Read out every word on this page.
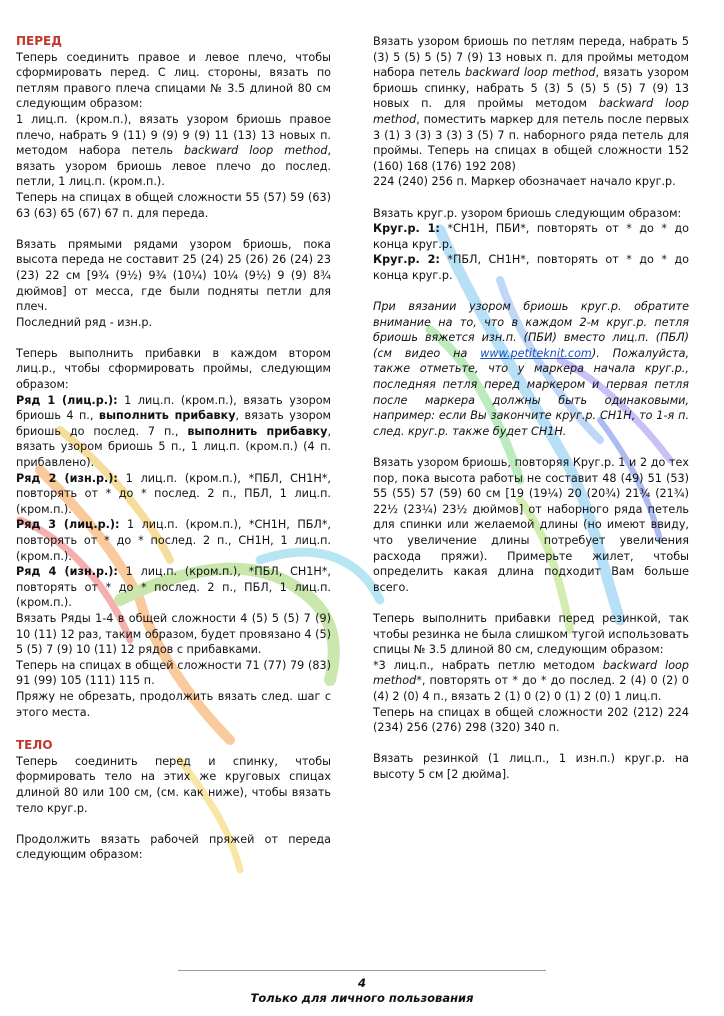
ПЕРЕД

Теперь соединить правое и левое плечо, чтобы сформировать перед. С лиц. стороны, вязать по петлям правого плеча спицами № 3.5 длиной 80 см следующим образом:

1 лиц.п. (кром.п.), вязать узором бриошь правое плечо, набрать 9 (11) 9 (9) 9 (9) 11 (13) 13 новых п. методом набора петель backward loop method, вязать узором бриошь левое плечо до послед. петли, 1 лиц.п. (кром.п.).

Теперь на спицах в общей сложности 55 (57) 59 (63) 63 (63) 65 (67) 67 п. для переда.

Вязать прямыми рядами узором бриошь, пока высота переда не составит 25 (24) 25 (26) 26 (24) 23 (23) 22 см [9¾ (9½) 9¾ (10¼) 10¼ (9½) 9 (9) 8¾ дюймов] от месса, где были подняты петли для плеч.

Последний ряд - изн.р.

Теперь выполнить прибавки в каждом втором лиц.р., чтобы сформировать проймы, следующим образом:

Ряд 1 (лиц.р.): 1 лиц.п. (кром.п.), вязать узором бриошь 4 п., выполнить прибавку, вязать узором бриошь до послед. 7 п., выполнить прибавку, вязать узором бриошь 5 п., 1 лиц.п. (кром.п.) (4 п. прибавлено).

Ряд 2 (изн.р.): 1 лиц.п. (кром.п.), *ПБЛ, СН1Н*, повторять от * до * послед. 2 п., ПБЛ, 1 лиц.п. (кром.п.).

Ряд 3 (лиц.р.): 1 лиц.п. (кром.п.), *СН1Н, ПБЛ*, повторять от * до * послед. 2 п., СН1Н, 1 лиц.п. (кром.п.).

Ряд 4 (изн.р.): 1 лиц.п. (кром.п.), *ПБЛ, СН1Н*, повторять от * до * послед. 2 п., ПБЛ, 1 лиц.п. (кром.п.).

Вязать Ряды 1-4 в общей сложности 4 (5) 5 (5) 7 (9) 10 (11) 12 раз, таким образом, будет провязано 4 (5) 5 (5) 7 (9) 10 (11) 12 рядов с прибавками.

Теперь на спицах в общей сложности 71 (77) 79 (83) 91 (99) 105 (111) 115 п.

Пряжу не обрезать, продолжить вязать след. шаг с этого места.

ТЕЛО

Теперь соединить перед и спинку, чтобы формировать тело на этих же круговых спицах длиной 80 или 100 см, (см. как ниже), чтобы вязать тело круг.р.

Продолжить вязать рабочей пряжей от переда следующим образом:

Вязать узором бриошь по петлям переда, набрать 5 (3) 5 (5) 5 (5) 7 (9) 13 новых п. для проймы методом набора петель backward loop method, вязать узором бриошь спинку, набрать 5 (3) 5 (5) 5 (5) 7 (9) 13 новых п. для проймы методом backward loop method, поместить маркер для петель после первых 3 (1) 3 (3) 3 (3) 3 (5) 7 п. наборного ряда петель для проймы. Теперь на спицах в общей сложности 152 (160) 168 (176) 192 208)

224 (240) 256 п. Маркер обозначает начало круг.р.

Вязать круг.р. узором бриошь следующим образом:

Круг.р. 1: *СН1Н, ПБИ*, повторять от * до * до конца круг.р.

Круг.р. 2: *ПБЛ, СН1Н*, повторять от * до * до конца круг.р.

При вязании узором бриошь круг.р. обратите внимание на то, что в каждом 2-м круг.р. петля бриошь вяжется изн.п. (ПБИ) вместо лиц.п. (ПБЛ) (см видео на www.petiteknit.com). Пожалуйста, также отметьте, что у маркера начала круг.р., последняя петля перед маркером и первая петля после маркера должны быть одинаковыми, например: если Вы закончите круг.р. СН1Н, то 1-я п. след. круг.р. также будет СН1Н.

Вязать узором бриошь, повторяя Круг.р. 1 и 2 до тех пор, пока высота работы не составит 48 (49) 51 (53) 55 (55) 57 (59) 60 см [19 (19¼) 20 (20¾) 21¾ (21¾) 22½ (23¼) 23½ дюймов] от наборного ряда петель для спинки или желаемой длины (но имеют ввиду, что увеличение длины потребует увеличения расхода пряжи). Примерьте жилет, чтобы определить какая длина подходит Вам больше всего.

Теперь выполнить прибавки перед резинкой, так чтобы резинка не была слишком тугой использовать спицы № 3.5 длиной 80 см, следующим образом:

*3 лиц.п., набрать петлю методом backward loop method*, повторять от * до * до послед. 2 (4) 0 (2) 0 (4) 2 (0) 4 п., вязать 2 (1) 0 (2) 0 (1) 2 (0) 1 лиц.п.

Теперь на спицах в общей сложности 202 (212) 224 (234) 256 (276) 298 (320) 340 п.

Вязать резинкой (1 лиц.п., 1 изн.п.) круг.р. на высоту 5 см [2 дюйма].

4
Только для личного пользования
